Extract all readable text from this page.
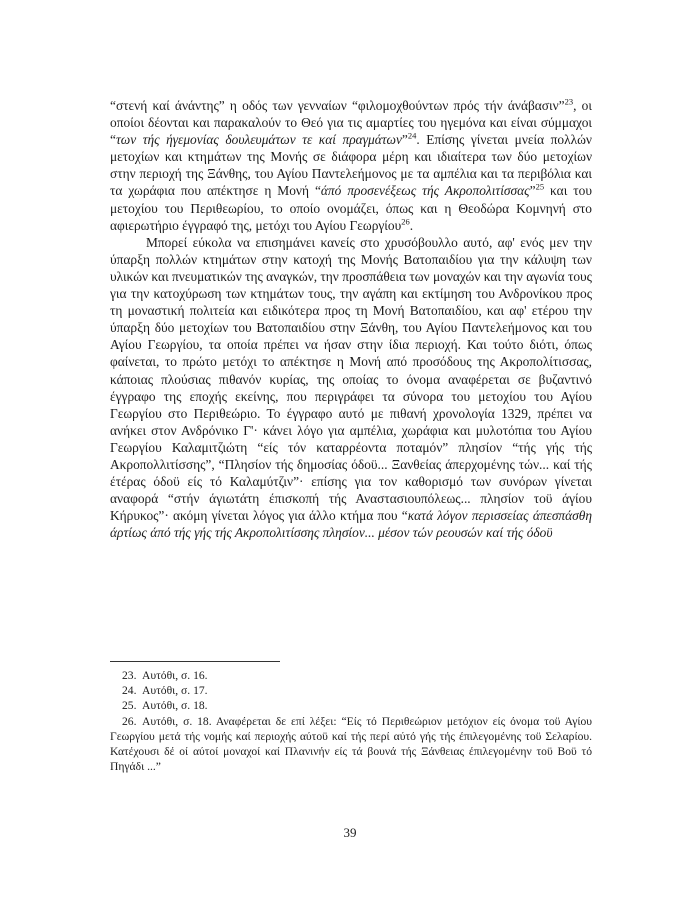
“στενή καί άνάντης” η οδός των γενναίων “φιλομοχθούντων πρός τήν άνάβασιν”$^{23}$, οι οποίοι δέονται και παρακαλούν το Θεό για τις αμαρτίες του ηγεμόνα και είναι σύμμαχοι “των τής ήγεμονίας δουλευμάτων τε καί πραγμάτων”$^{24}$. Επίσης γίνεται μνεία πολλών μετοχίων και κτημάτων της Μονής σε διάφορα μέρη και ιδιαίτερα των δύο μετοχίων στην περιοχή της Ξάνθης, του Αγίου Παντελεήμονος με τα αμπέλια και τα περιβόλια και τα χωράφια που απέκτησε η Μονή “άπό προσενέξεως τής Ακροπολιτίσσας”$^{25}$ και του μετοχίου του Περιθεωρίου, το οποίο ονομάζει, όπως και η Θεοδώρα Κομνηνή στο αφιερωτήριο έγγραφό της, μετόχι του Αγίου Γεωργίου$^{26}$.

Μπορεί εύκολα να επισημάνει κανείς στο χρυσόβουλλο αυτό, αφ' ενός μεν την ύπαρξη πολλών κτημάτων στην κατοχή της Μονής Βατοπαιδίου για την κάλυψη των υλικών και πνευματικών της αναγκών, την προσπάθεια των μοναχών και την αγωνία τους για την κατοχύρωση των κτημάτων τους, την αγάπη και εκτίμηση του Ανδρονίκου προς τη μοναστική πολιτεία και ειδικότερα προς τη Μονή Βατοπαιδίου, και αφ' ετέρου την ύπαρξη δύο μετοχίων του Βατοπαιδίου στην Ξάνθη, του Αγίου Παντελεήμονος και του Αγίου Γεωργίου, τα οποία πρέπει να ήσαν στην ίδια περιοχή. Και τούτο διότι, όπως φαίνεται, το πρώτο μετόχι το απέκτησε η Μονή από προσόδους της Ακροπολίτισσας, κάποιας πλούσιας πιθανόν κυρίας, της οποίας το όνομα αναφέρεται σε βυζαντινό έγγραφο της εποχής εκείνης, που περιγράφει τα σύνορα του μετοχίου του Αγίου Γεωργίου στο Περιθεώριο. Το έγγραφο αυτό με πιθανή χρονολογία 1329, πρέπει να ανήκει στον Ανδρόνικο Γ'· κάνει λόγο για αμπέλια, χωράφια και μυλοτόπια του Αγίου Γεωργίου Καλαμιτζιώτη “είς τόν καταρρέοντα ποταμόν” πλησίον “τής γής τής Ακροπολλιτίσσης”, “Πλησίον τής δημοσίας όδοϋ... Ξανθείας άπερχομένης τών... καί τής έτέρας όδοϋ είς τό Καλαμύτζιν”· επίσης για τον καθορισμό των συνόρων γίνεται αναφορά “στήν άγιωτάτη έπισκοπή τής Αναστασιουπόλεως... πλησίον τοϋ άγίου Κήρυκος”· ακόμη γίνεται λόγος για άλλο κτήμα που “κατά λόγον περισσείας άπεσπάσθη άρτίως άπό τής γής τής Ακροπολιτίσσης πλησίον... μέσον τών ρεουσών καί τής όδοϋ

23. Αυτόθι, σ. 16.

24. Αυτόθι, σ. 17.

25. Αυτόθι, σ. 18.

26. Αυτόθι, σ. 18. Αναφέρεται δε επί λέξει: “Είς τό Περιθεώριον μετόχιον είς όνομα τοϋ Αγίου Γεωργίου μετά τής νομής καί περιοχής αύτοϋ καί τής περί αύτό γής τής έπιλεγομένης τοϋ Σελαρίου. Κατέχουσι δέ οί αύτοί μοναχοί καί Πλανινήν είς τά βουνά τής Ξάνθειας έπιλεγομένην τοϋ Βοϋ τό Πηγάδι ...”

39
